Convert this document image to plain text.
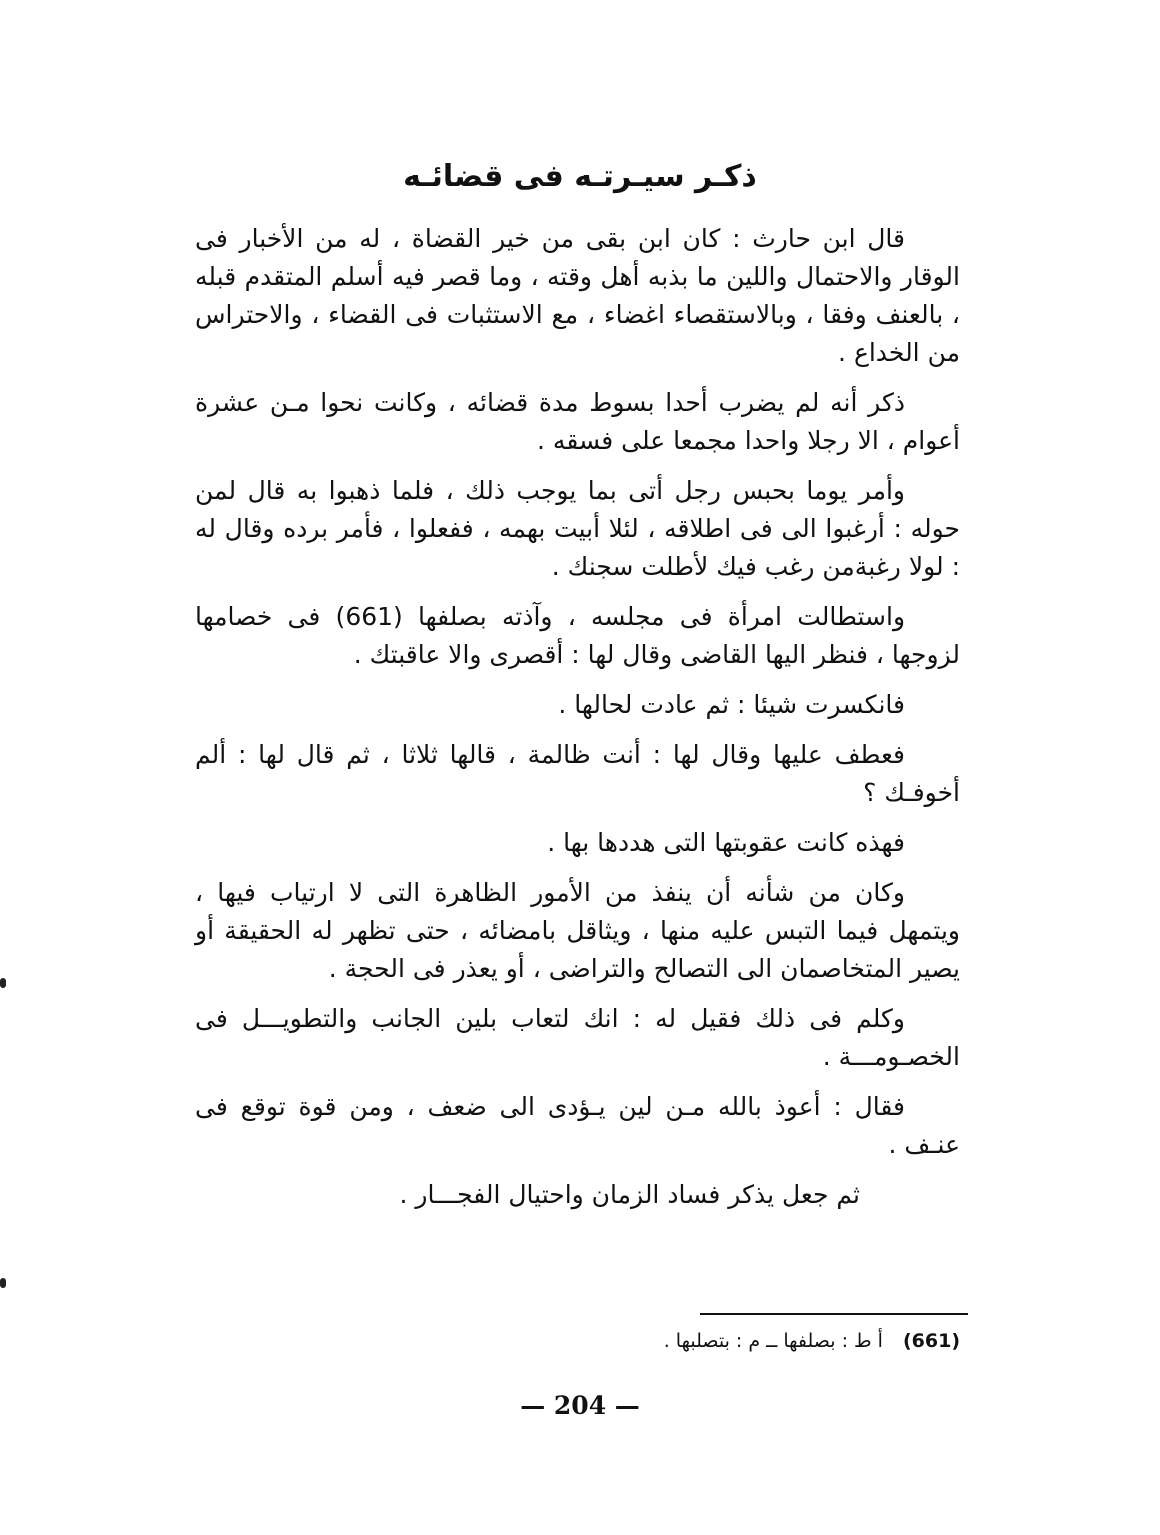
ذكـر سيـرتـه فى قضائـه

قال ابن حارث : كان ابن بقى من خير القضاة ، له من الأخبار فى الوقار والاحتمال واللين ما بذبه أهل وقته ، وما قصر فيه أسلم المتقدم قبله ، بالعنف وفقا ، وبالاستقصاء اغضاء ، مع الاستثبات فى القضاء ، والاحتراس من الخداع .

ذكر أنه لم يضرب أحدا بسوط مدة قضائه ، وكانت نحوا مـن عشرة أعوام ، الا رجلا واحدا مجمعا على فسقه .

وأمر يوما بحبس رجل أتى بما يوجب ذلك ، فلما ذهبوا به قال لمن حوله : أرغبوا الى فى اطلاقه ، لئلا أبيت بهمه ، ففعلوا ، فأمر برده وقال له : لولا رغبةمن رغب فيك لأطلت سجنك .

واستطالت امرأة فى مجلسه ، وآذته بصلفها (661) فى خصامها لزوجها ، فنظر اليها القاضى وقال لها : أقصرى والا عاقبتك .

فانكسرت شيئا : ثم عادت لحالها .

فعطف عليها وقال لها : أنت ظالمة ، قالها ثلاثا ، ثم قال لها : ألم أخوفـك ؟

فهذه كانت عقوبتها التى هددها بها .

وكان من شأنه أن ينفذ من الأمور الظاهرة التى لا ارتياب فيها ، ويتمهل فيما التبس عليه منها ، ويثاقل بامضائه ، حتى تظهر له الحقيقة أو يصير المتخاصمان الى التصالح والتراضى ، أو يعذر فى الحجة .

وكلم فى ذلك فقيل له : انك لتعاب بلين الجانب والتطويـــل فى الخصـومـــة .

فقال : أعوذ بالله مـن لين يـؤدى الى ضعف ، ومن قوة توقع فى عنـف .

ثم جعل يذكر فساد الزمان واحتيال الفجـــار .

(661) أ ط : بصلفها ــ م : بتصلبها .
— 204 —
